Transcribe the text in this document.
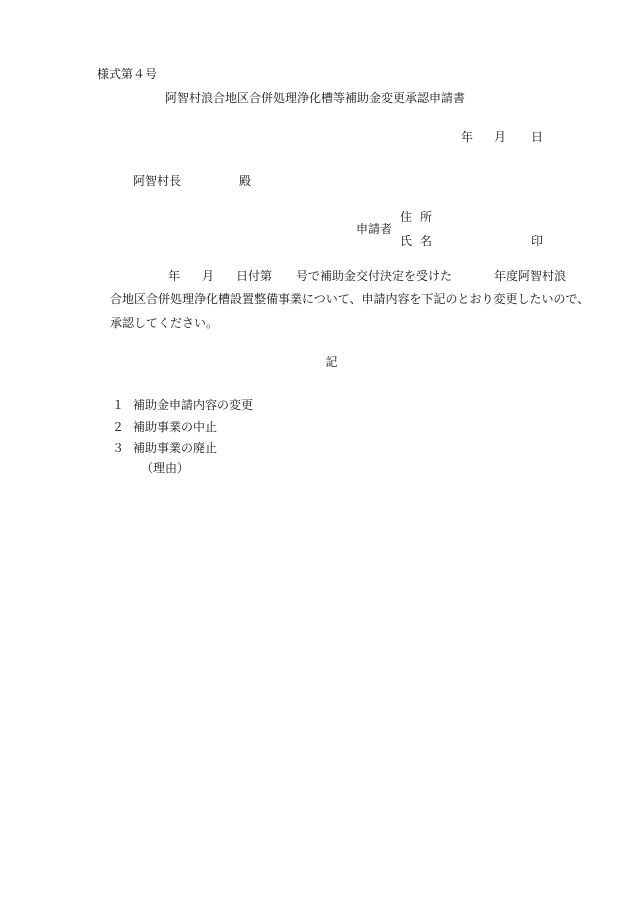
様式第４号
阿智村浪合地区合併処理浄化槽等補助金変更承認申請書
年 月 日
阿智村長	殿
申請者
住所
氏名	印
年 月 日付第 号で補助金交付決定を受けた	年度阿智村浪
合地区合併処理浄化槽設置整備事業について、申請内容を下記のとおり変更したいので、
承認してください。
記
１ 補助金申請内容の変更
２ 補助事業の中止
３ 補助事業の廃止
（理由）
